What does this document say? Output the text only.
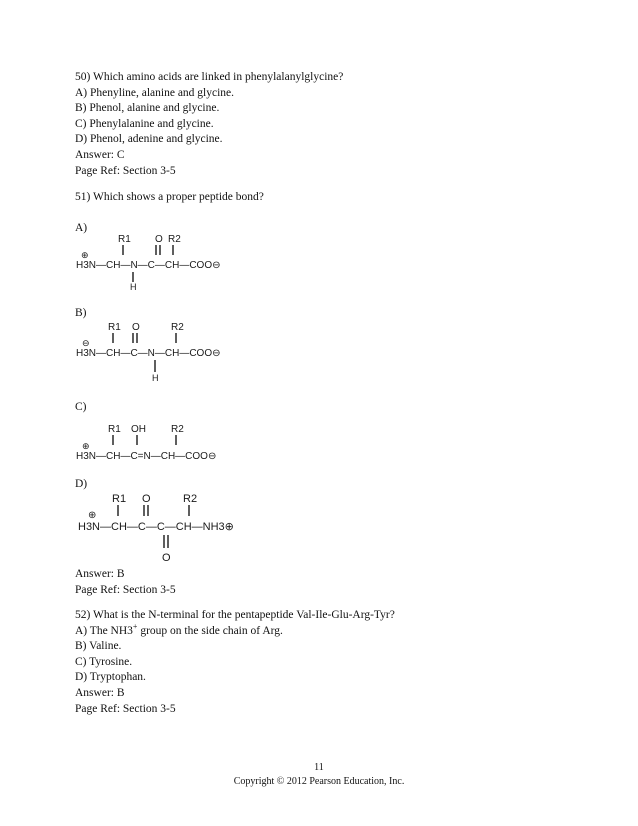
50) Which amino acids are linked in phenylalanylglycine?
A) Phenyline, alanine and glycine.
B) Phenol, alanine and glycine.
C) Phenylalanine and glycine.
D) Phenol, adenine and glycine.
Answer: C
Page Ref: Section 3-5
51) Which shows a proper peptide bond?
A)
⊕
R1 O R2
H3N—CH—N—C—CH—COO⊖
H
B)
⊖
R1 O	R2
H3N—CH—C—N—CH—COO⊖
H
C)
⊕
R1 OH	R2
H3N—CH—C=N—CH—COO⊖
D)
⊕
R1 O	R2
H3N—CH—C—C—CH—NH3⊕
O
Answer: B
Page Ref: Section 3-5
52) What is the N-terminal for the pentapeptide Val-Ile-Glu-Arg-Tyr?
A) The NH3+ group on the side chain of Arg.
B) Valine.
C) Tyrosine.
D) Tryptophan.
Answer: B
Page Ref: Section 3-5
11
Copyright © 2012 Pearson Education, Inc.
